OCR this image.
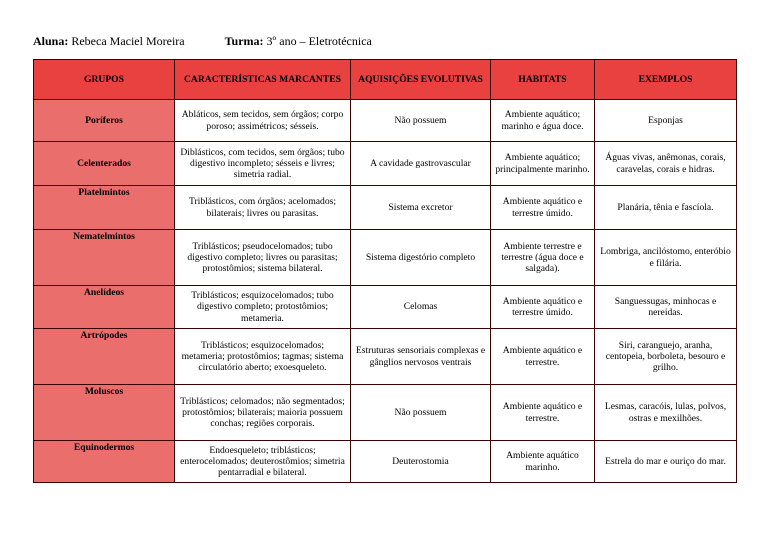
Aluna: Rebeca Maciel Moreira	Turma: 3º ano – Eletrotécnica
GRUPOS	CARACTERÍSTICAS MARCANTES	AQUISIÇÕES EVOLUTIVAS	HABITATS	EXEMPLOS
Poríferos	Abláticos, sem tecidos, sem órgãos; corpo poroso; assimétricos; sésseis.	Não possuem	Ambiente aquático; marinho e água doce.	Esponjas
Celenterados	Diblásticos, com tecidos, sem órgãos; tubo digestivo incompleto; sésseis e livres; simetria radial.	A cavidade gastrovascular	Ambiente aquático; principalmente marinho.	Águas vivas, anêmonas, corais, caravelas, corais e hidras.
Platelmintos	Triblásticos, com órgãos; acelomados; bilaterais; livres ou parasitas.	Sistema excretor	Ambiente aquático e terrestre úmido.	Planária, tênia e fascíola.
Nematelmintos	Triblásticos; pseudocelomados; tubo digestivo completo; livres ou parasitas; protostômios; sistema bilateral.	Sistema digestório completo	Ambiente terrestre e terrestre (água doce e salgada).	Lombriga, ancilóstomo, enteróbio e filária.
Anelídeos	Triblásticos; esquizocelomados; tubo digestivo completo; protostômios; metameria.	Celomas	Ambiente aquático e terrestre úmido.	Sanguessugas, minhocas e nereidas.
Artrópodes	Triblásticos; esquizocelomados; metameria; protostômios; tagmas; sistema circulatório aberto; exoesqueleto.	Estruturas sensoriais complexas e gânglios nervosos ventrais	Ambiente aquático e terrestre.	Siri, caranguejo, aranha, centopeia, borboleta, besouro e grilho.
Moluscos	Triblásticos; celomados; não segmentados; protostômios; bilaterais; maioria possuem conchas; regiões corporais.	Não possuem	Ambiente aquático e terrestre.	Lesmas, caracóis, lulas, polvos, ostras e mexilhões.
Equinodermos	Endoesqueleto; triblásticos; enterocelomados; deuterostômios; simetria pentarradial e bilateral.	Deuterostomia	Ambiente aquático marinho.	Estrela do mar e ouriço do mar.
